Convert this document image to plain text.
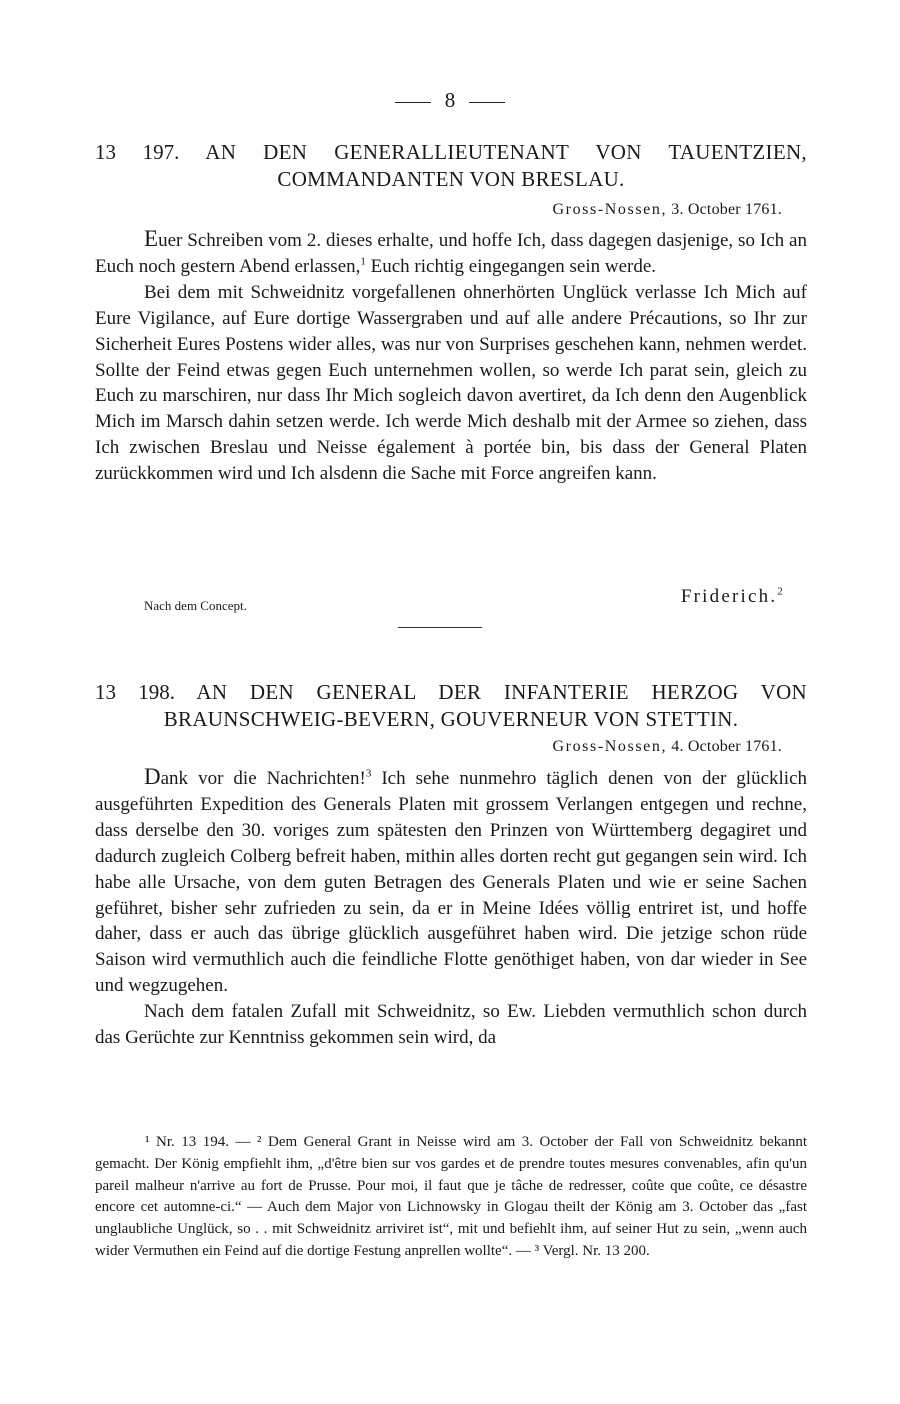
8
13 197. AN DEN GENERALLIEUTENANT VON TAUENTZIEN,
COMMANDANTEN VON BRESLAU.
Gross-Nossen, 3. October 1761.

Euer Schreiben vom 2. dieses erhalte, und hoffe Ich, dass dagegen dasjenige, so Ich an Euch noch gestern Abend erlassen,$^1$ Euch richtig eingegangen sein werde.

Bei dem mit Schweidnitz vorgefallenen ohnerhörten Unglück verlasse Ich Mich auf Eure Vigilance, auf Eure dortige Wassergraben und auf alle andere Précautions, so Ihr zur Sicherheit Eures Postens wider alles, was nur von Surprises geschehen kann, nehmen werdet. Sollte der Feind etwas gegen Euch unternehmen wollen, so werde Ich parat sein, gleich zu Euch zu marschiren, nur dass Ihr Mich sogleich davon avertiret, da Ich denn den Augenblick Mich im Marsch dahin setzen werde. Ich werde Mich deshalb mit der Armee so ziehen, dass Ich zwischen Breslau und Neisse également à portée bin, bis dass der General Platen zurückkommen wird und Ich alsdenn die Sache mit Force angreifen kann.

Nach dem Concept.	Friderich.$^2$
13 198. AN DEN GENERAL DER INFANTERIE HERZOG VON
BRAUNSCHWEIG-BEVERN, GOUVERNEUR VON STETTIN.
Gross-Nossen, 4. October 1761.

Dank vor die Nachrichten!$^3$ Ich sehe nunmehro täglich denen von der glücklich ausgeführten Expedition des Generals Platen mit grossem Verlangen entgegen und rechne, dass derselbe den 30. voriges zum spätesten den Prinzen von Württemberg degagiret und dadurch zugleich Colberg befreit haben, mithin alles dorten recht gut gegangen sein wird. Ich habe alle Ursache, von dem guten Betragen des Generals Platen und wie er seine Sachen geführet, bisher sehr zufrieden zu sein, da er in Meine Idées völlig entriret ist, und hoffe daher, dass er auch das übrige glücklich ausgeführet haben wird. Die jetzige schon rüde Saison wird vermuthlich auch die feindliche Flotte genöthiget haben, von dar wieder in See und wegzugehen.

Nach dem fatalen Zufall mit Schweidnitz, so Ew. Liebden vermuthlich schon durch das Gerüchte zur Kenntniss gekommen sein wird, da

¹ Nr. 13 194. — ² Dem General Grant in Neisse wird am 3. October der Fall von Schweidnitz bekannt gemacht. Der König empfiehlt ihm, „d'être bien sur vos gardes et de prendre toutes mesures convenables, afin qu'un pareil malheur n'arrive au fort de Prusse. Pour moi, il faut que je tâche de redresser, coûte que coûte, ce désastre encore cet automne-ci.“ — Auch dem Major von Lichnowsky in Glogau theilt der König am 3. October das „fast unglaubliche Unglück, so . . mit Schweidnitz arriviret ist“, mit und befiehlt ihm, auf seiner Hut zu sein, „wenn auch wider Vermuthen ein Feind auf die dortige Festung anprellen wollte“. — ³ Vergl. Nr. 13 200.
